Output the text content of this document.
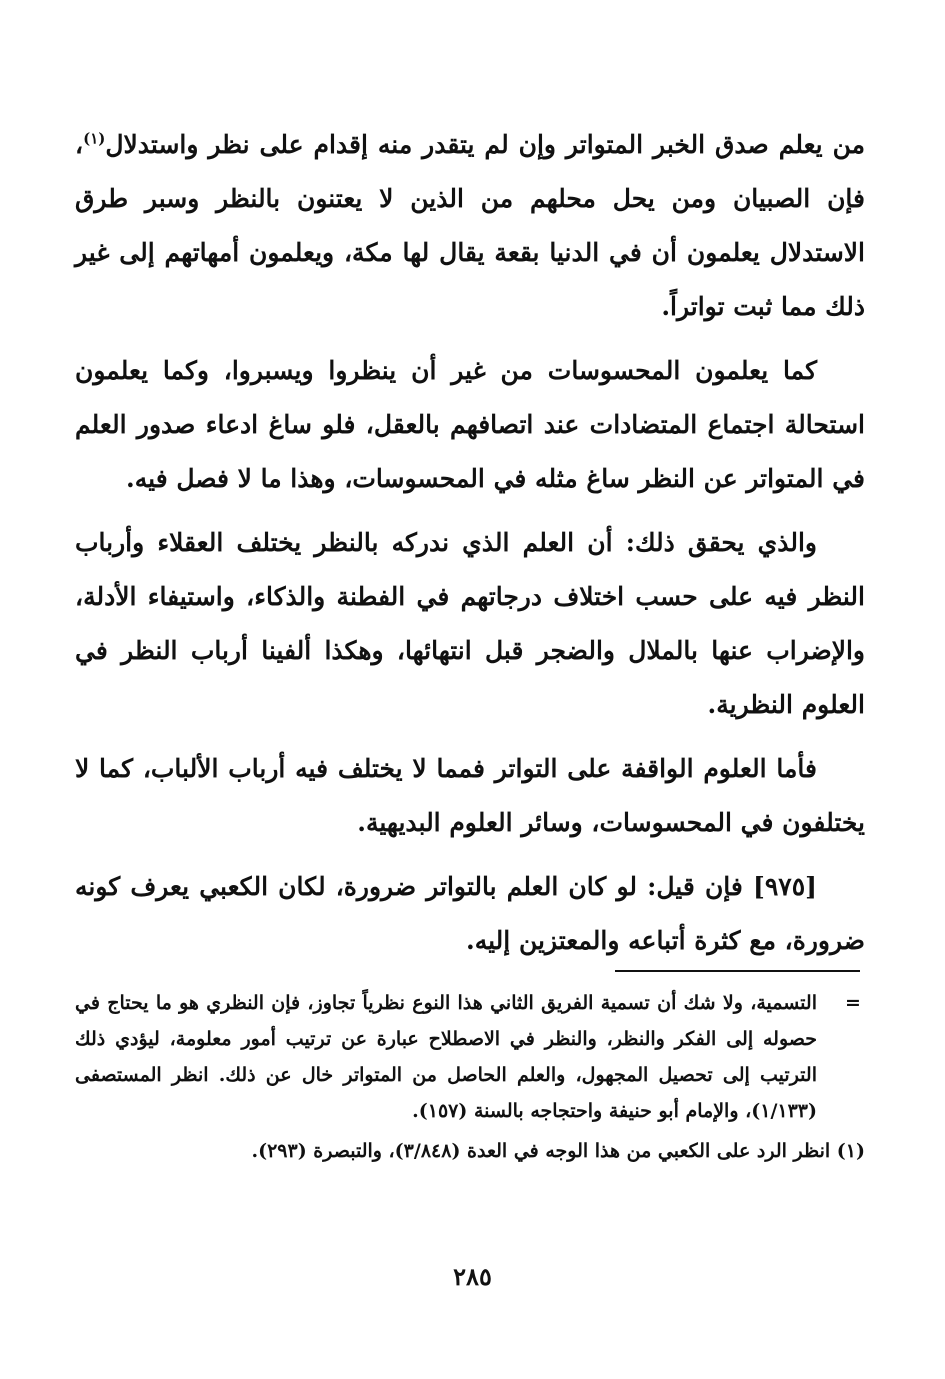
من يعلم صدق الخبر المتواتر وإن لم يتقدر منه إقدام على نظر واستدلال$^{(١)}$، فإن الصبيان ومن يحل محلهم من الذين لا يعتنون بالنظر وسبر طرق الاستدلال يعلمون أن في الدنيا بقعة يقال لها مكة، ويعلمون أمهاتهم إلى غير ذلك مما ثبت تواتراً.

كما يعلمون المحسوسات من غير أن ينظروا ويسبروا، وكما يعلمون استحالة اجتماع المتضادات عند اتصافهم بالعقل، فلو ساغ ادعاء صدور العلم في المتواتر عن النظر ساغ مثله في المحسوسات، وهذا ما لا فصل فيه.

والذي يحقق ذلك: أن العلم الذي ندركه بالنظر يختلف العقلاء وأرباب النظر فيه على حسب اختلاف درجاتهم في الفطنة والذكاء، واستيفاء الأدلة، والإضراب عنها بالملال والضجر قبل انتهائها، وهكذا ألفينا أرباب النظر في العلوم النظرية.

فأما العلوم الواقفة على التواتر فمما لا يختلف فيه أرباب الألباب، كما لا يختلفون في المحسوسات، وسائر العلوم البديهية.

[٩٧٥] فإن قيل: لو كان العلم بالتواتر ضرورة، لكان الكعبي يعرف كونه ضرورة، مع كثرة أتباعه والمعتزين إليه.

=
التسمية، ولا شك أن تسمية الفريق الثاني هذا النوع نظرياً تجاوز، فإن النظري هو ما يحتاج في حصوله إلى الفكر والنظر، والنظر في الاصطلاح عبارة عن ترتيب أمور معلومة، ليؤدي ذلك الترتيب إلى تحصيل المجهول، والعلم الحاصل من المتواتر خال عن ذلك. انظر المستصفى (١/١٣٣)، والإمام أبو حنيفة واحتجاجه بالسنة (١٥٧).

(١) انظر الرد على الكعبي من هذا الوجه في العدة (٣/٨٤٨)، والتبصرة (٢٩٣).

٢٨٥
